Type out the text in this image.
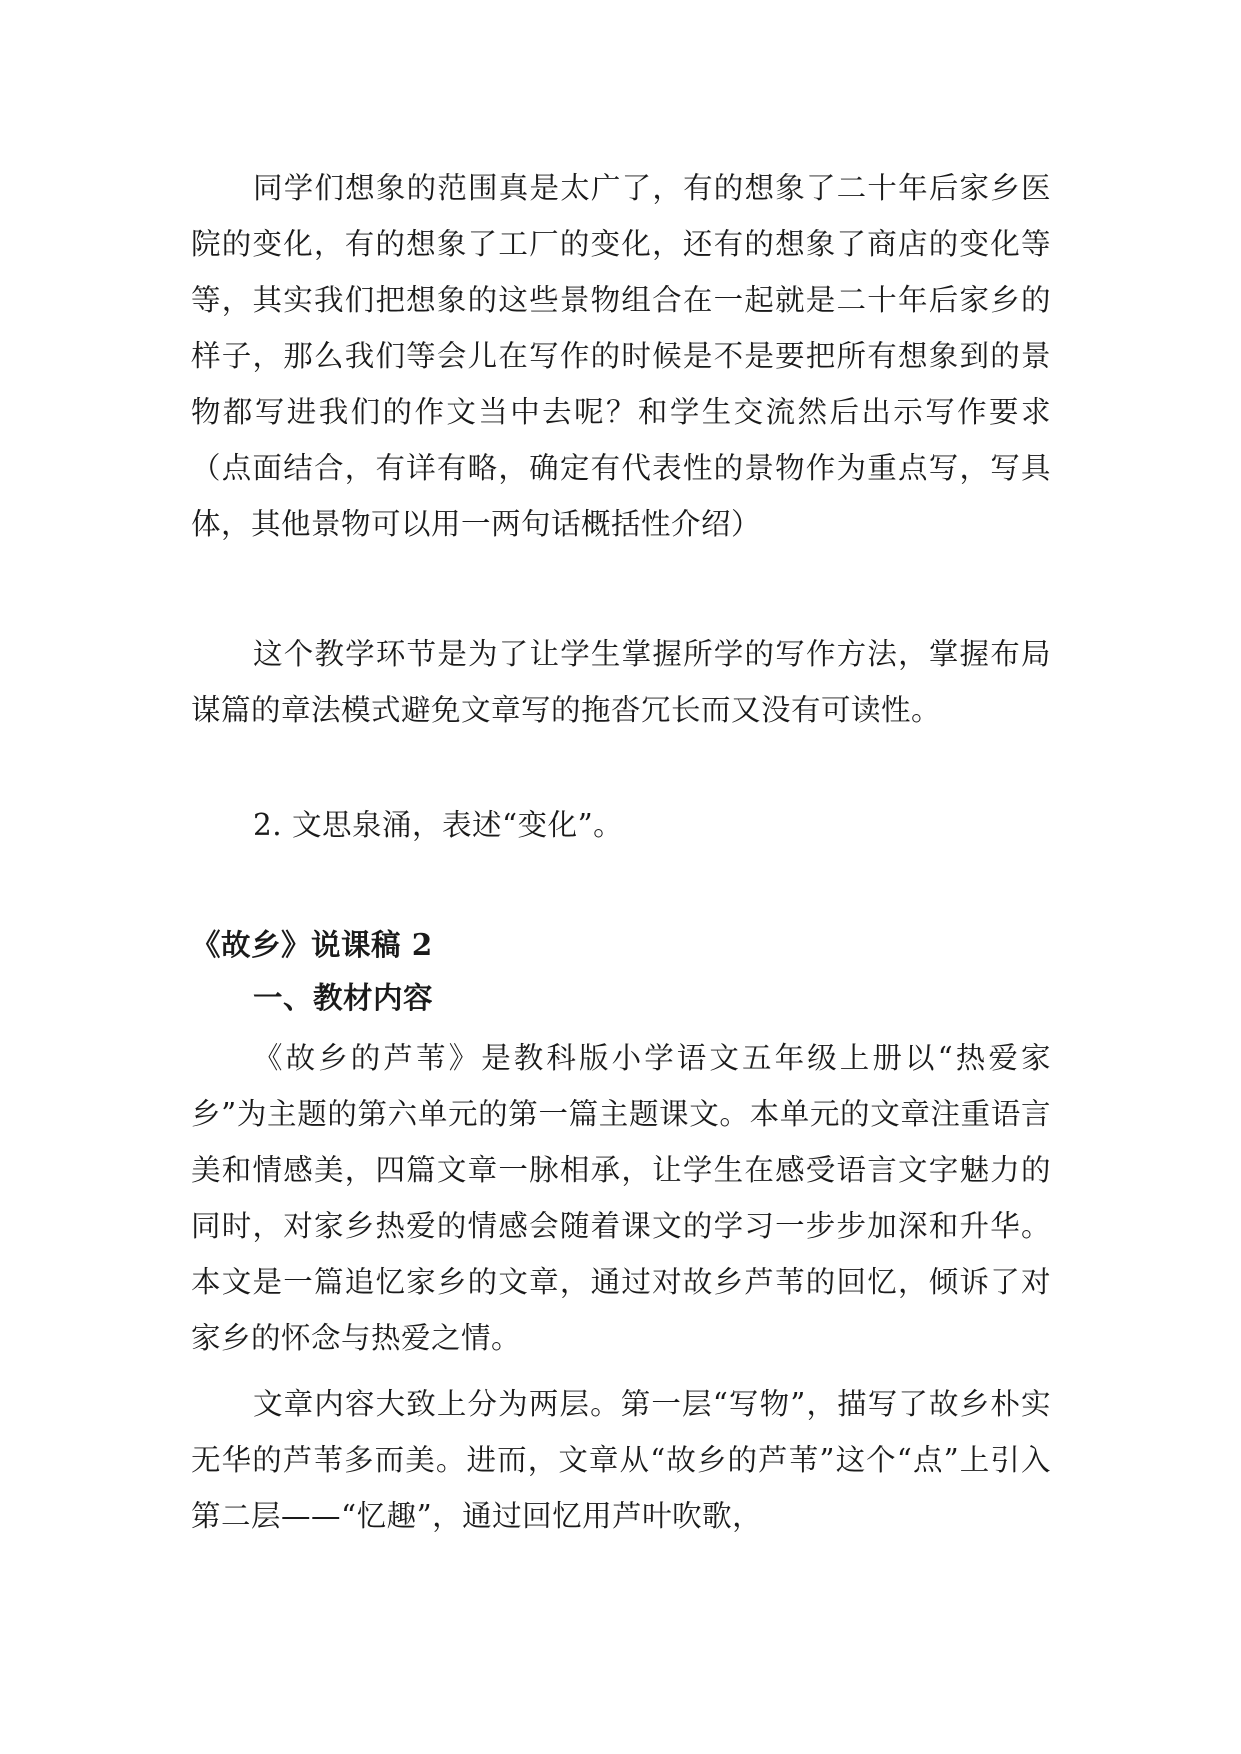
同学们想象的范围真是太广了，有的想象了二十年后家乡医院的变化，有的想象了工厂的变化，还有的想象了商店的变化等等，其实我们把想象的这些景物组合在一起就是二十年后家乡的样子，那么我们等会儿在写作的时候是不是要把所有想象到的景物都写进我们的作文当中去呢？和学生交流然后出示写作要求（点面结合，有详有略，确定有代表性的景物作为重点写，写具体，其他景物可以用一两句话概括性介绍）

这个教学环节是为了让学生掌握所学的写作方法，掌握布局谋篇的章法模式避免文章写的拖沓冗长而又没有可读性。

2. 文思泉涌，表述“变化”。

《故乡》说课稿 2
一、教材内容

《故乡的芦苇》是教科版小学语文五年级上册以“热爱家乡”为主题的第六单元的第一篇主题课文。本单元的文章注重语言美和情感美，四篇文章一脉相承，让学生在感受语言文字魅力的同时，对家乡热爱的情感会随着课文的学习一步步加深和升华。本文是一篇追忆家乡的文章，通过对故乡芦苇的回忆，倾诉了对家乡的怀念与热爱之情。

文章内容大致上分为两层。第一层“写物”，描写了故乡朴实无华的芦苇多而美。进而，文章从“故乡的芦苇”这个“点”上引入第二层——“忆趣”，通过回忆用芦叶吹歌，
